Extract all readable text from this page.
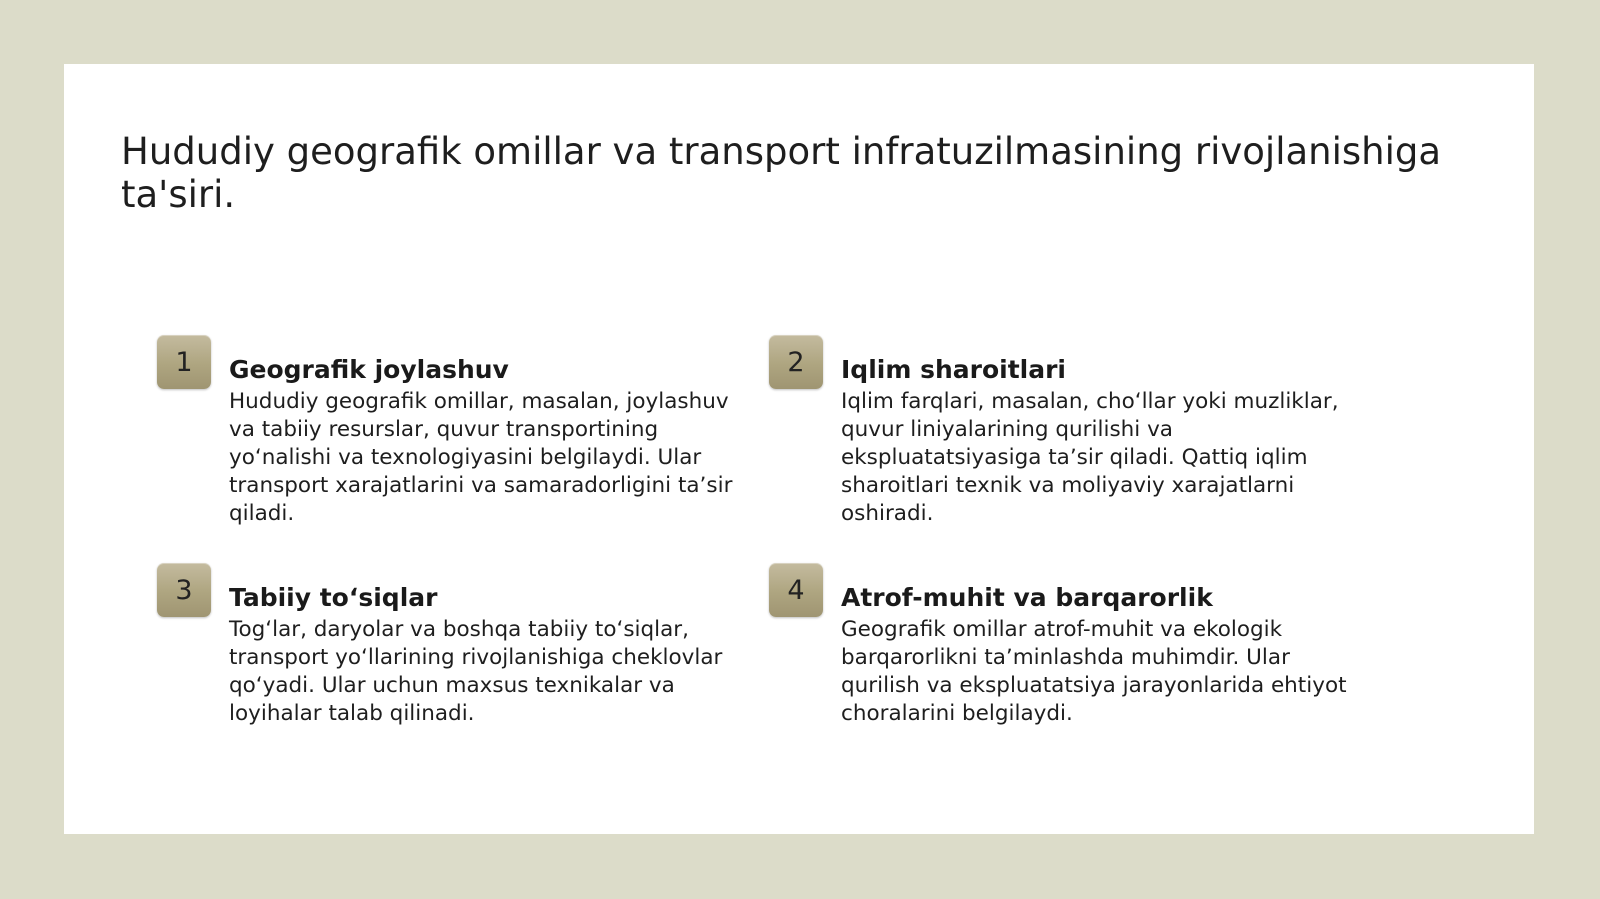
Hududiy geografik omillar va transport infratuzilmasining rivojlanishiga ta'siri.
1	Geografik joylashuv

Hududiy geografik omillar, masalan, joylashuv va tabiiy resurslar, quvur transportining yoʻnalishi va texnologiyasini belgilaydi. Ular transport xarajatlarini va samaradorligini taʼsir qiladi.

2	Iqlim sharoitlari

Iqlim farqlari, masalan, choʻllar yoki muzliklar, quvur liniyalarining qurilishi va ekspluatatsiyasiga taʼsir qiladi. Qattiq iqlim sharoitlari texnik va moliyaviy xarajatlarni oshiradi.

3	Tabiiy toʻsiqlar

Togʻlar, daryolar va boshqa tabiiy toʻsiqlar, transport yoʻllarining rivojlanishiga cheklovlar qoʻyadi. Ular uchun maxsus texnikalar va loyihalar talab qilinadi.

4	Atrof-muhit va barqarorlik

Geografik omillar atrof-muhit va ekologik barqarorlikni taʼminlashda muhimdir. Ular qurilish va ekspluatatsiya jarayonlarida ehtiyot choralarini belgilaydi.
